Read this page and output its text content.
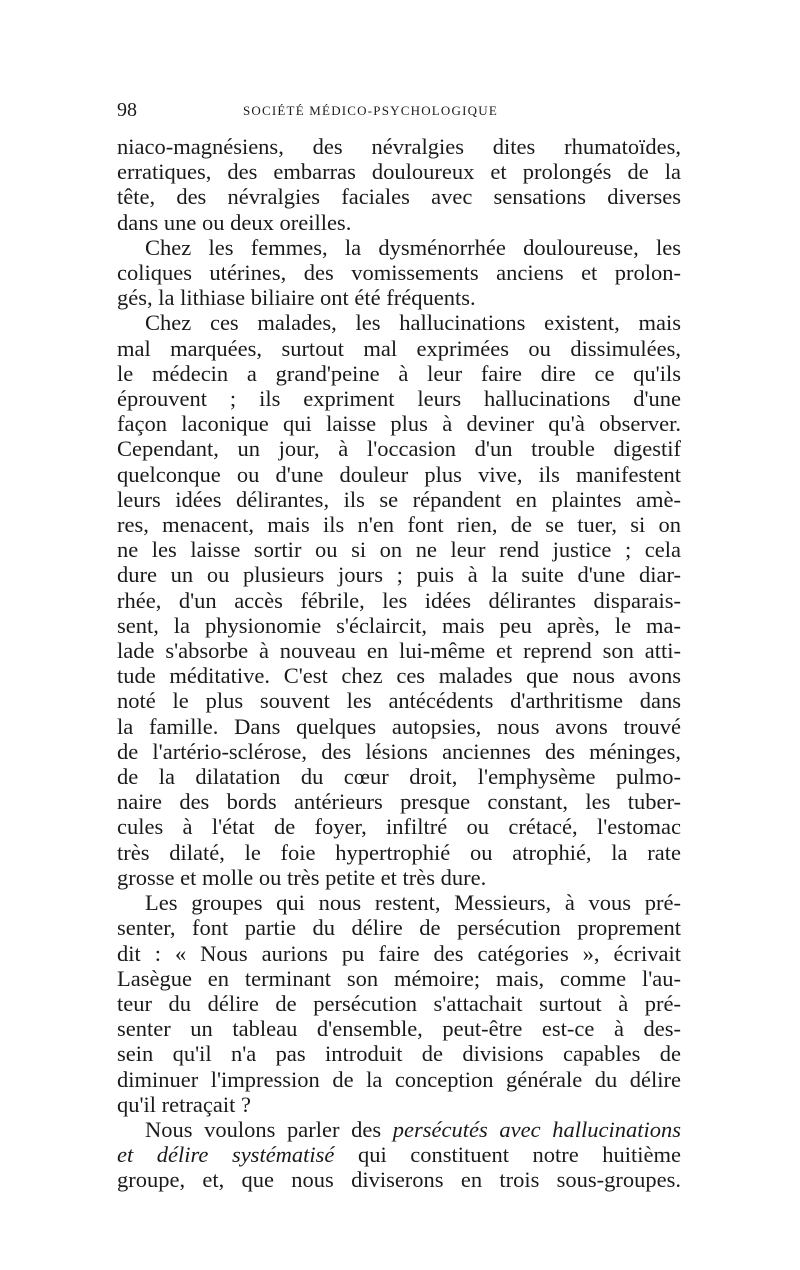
98	SOCIÉTÉ MÉDICO-PSYCHOLOGIQUE

niaco-magnésiens, des névralgies dites rhumatoïdes,
erratiques, des embarras douloureux et prolongés de la
tête, des névralgies faciales avec sensations diverses
dans une ou deux oreilles.

Chez les femmes, la dysménorrhée douloureuse, les
coliques utérines, des vomissements anciens et prolon-
gés, la lithiase biliaire ont été fréquents.

Chez ces malades, les hallucinations existent, mais
mal marquées, surtout mal exprimées ou dissimulées,
le médecin a grand'peine à leur faire dire ce qu'ils
éprouvent ; ils expriment leurs hallucinations d'une
façon laconique qui laisse plus à deviner qu'à observer.
Cependant, un jour, à l'occasion d'un trouble digestif
quelconque ou d'une douleur plus vive, ils manifestent
leurs idées délirantes, ils se répandent en plaintes amè-
res, menacent, mais ils n'en font rien, de se tuer, si on
ne les laisse sortir ou si on ne leur rend justice ; cela
dure un ou plusieurs jours ; puis à la suite d'une diar-
rhée, d'un accès fébrile, les idées délirantes disparais-
sent, la physionomie s'éclaircit, mais peu après, le ma-
lade s'absorbe à nouveau en lui-même et reprend son atti-
tude méditative. C'est chez ces malades que nous avons
noté le plus souvent les antécédents d'arthritisme dans
la famille. Dans quelques autopsies, nous avons trouvé
de l'artério-sclérose, des lésions anciennes des méninges,
de la dilatation du cœur droit, l'emphysème pulmo-
naire des bords antérieurs presque constant, les tuber-
cules à l'état de foyer, infiltré ou crétacé, l'estomac
très dilaté, le foie hypertrophié ou atrophié, la rate
grosse et molle ou très petite et très dure.

Les groupes qui nous restent, Messieurs, à vous pré-
senter, font partie du délire de persécution proprement
dit : « Nous aurions pu faire des catégories », écrivait
Lasègue en terminant son mémoire; mais, comme l'au-
teur du délire de persécution s'attachait surtout à pré-
senter un tableau d'ensemble, peut-être est-ce à des-
sein qu'il n'a pas introduit de divisions capables de
diminuer l'impression de la conception générale du délire
qu'il retraçait ?

Nous voulons parler des persécutés avec hallucinations
et délire systématisé qui constituent notre huitième
groupe, et, que nous diviserons en trois sous-groupes.
